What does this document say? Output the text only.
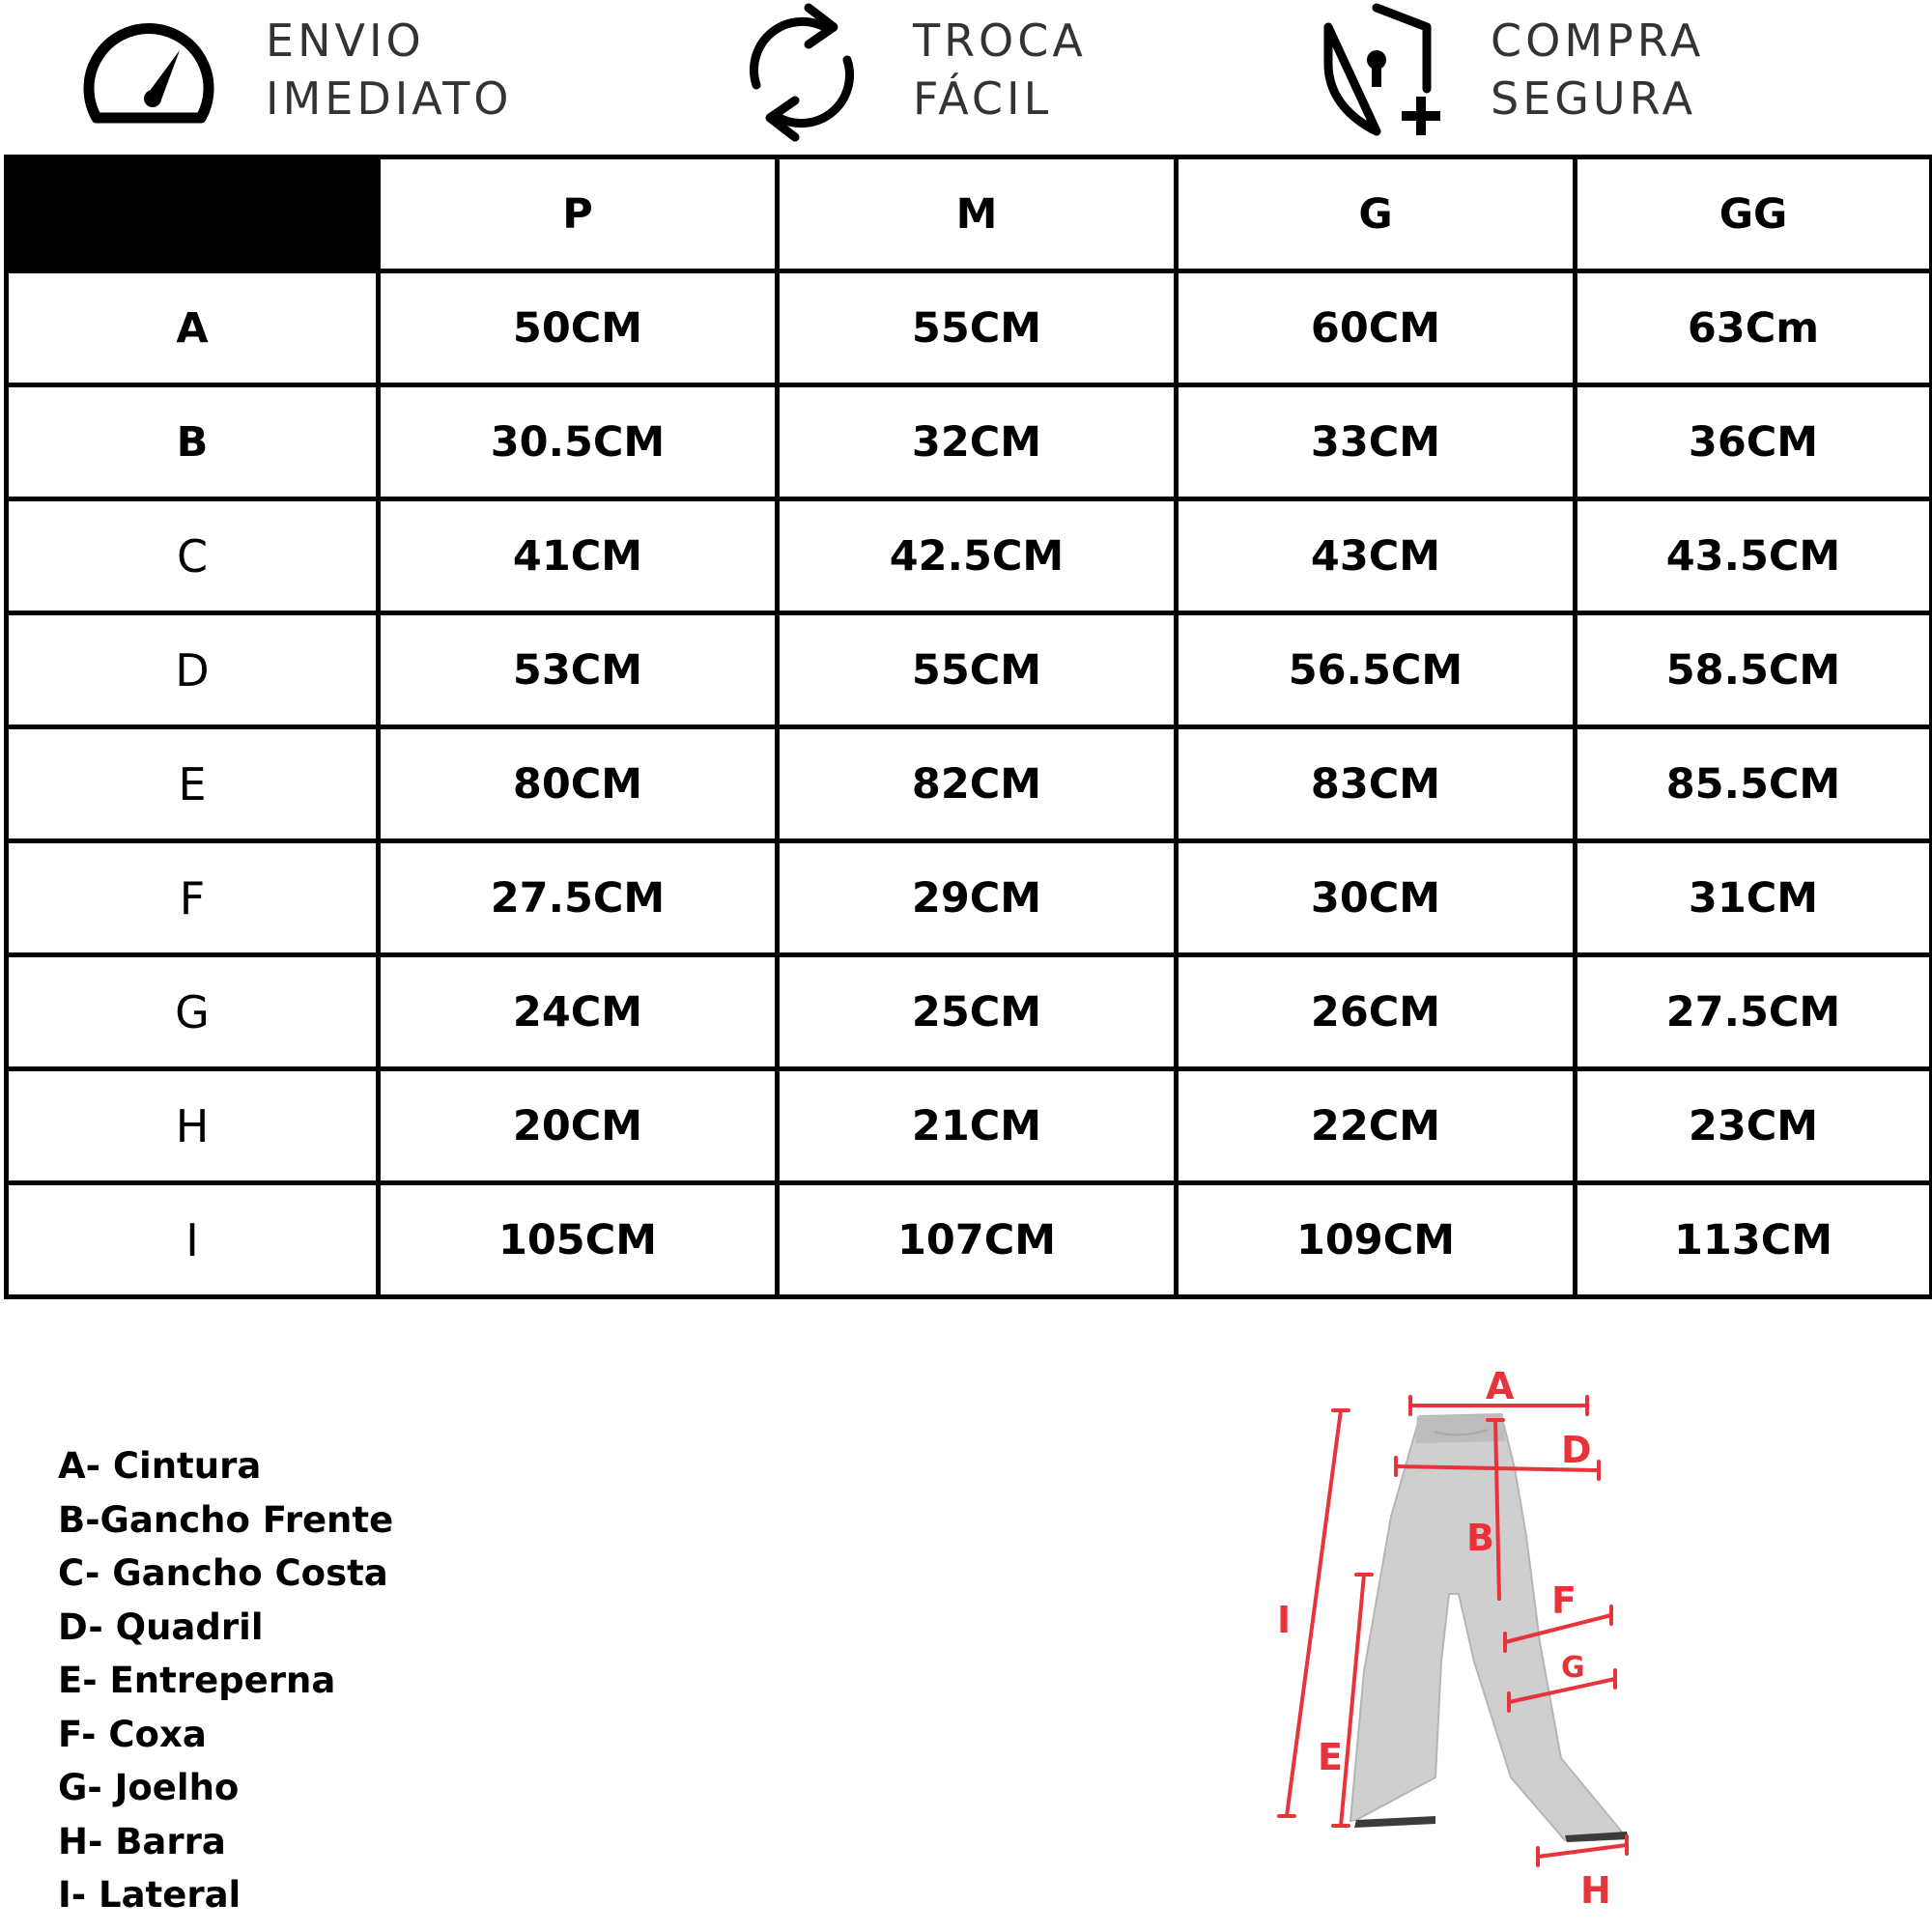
ENVIO
IMEDIATO
TROCA
FÁCIL
COMPRA
SEGURA
	P	M	G	GG
A	50CM	55CM	60CM	63Cm
B	30.5CM	32CM	33CM	36CM
C	41CM	42.5CM	43CM	43.5CM
D	53CM	55CM	56.5CM	58.5CM
E	80CM	82CM	83CM	85.5CM
F	27.5CM	29CM	30CM	31CM
G	24CM	25CM	26CM	27.5CM
H	20CM	21CM	22CM	23CM
I	105CM	107CM	109CM	113CM
A- Cintura
B-Gancho Frente
C- Gancho Costa
D- Quadril
E- Entreperna
F- Coxa
G- Joelho
H- Barra
I- Lateral
A
D
B
F
G
E
I
H
